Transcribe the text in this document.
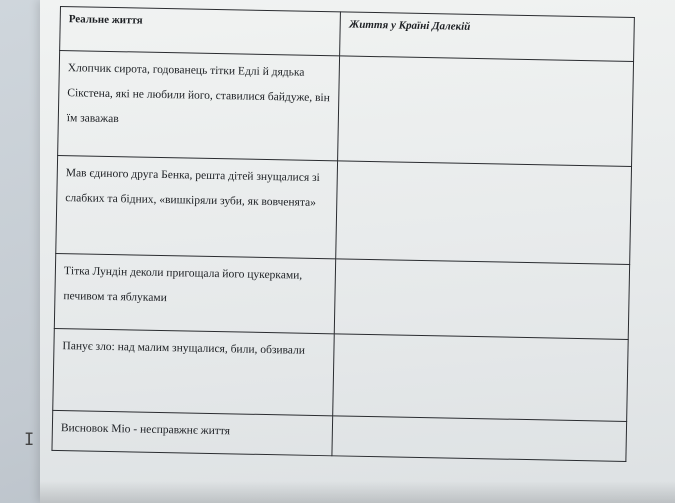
Реальне життя	Життя у Країні Далекій
Хлопчик сирота, годованець тітки Едлі й дядька Сікстена, які не любили його, ставилися байдуже, він їм заважав	
Мав єдиного друга Бенка, решта дітей знущалися зі слабких та бідних, «вишкіряли зуби, як вовченята»	
Тітка Лундін деколи пригощала його цукерками, печивом та яблуками	
Панує зло: над малим знущалися, били, обзивали	
Висновок Міо - несправжнє життя	
I
